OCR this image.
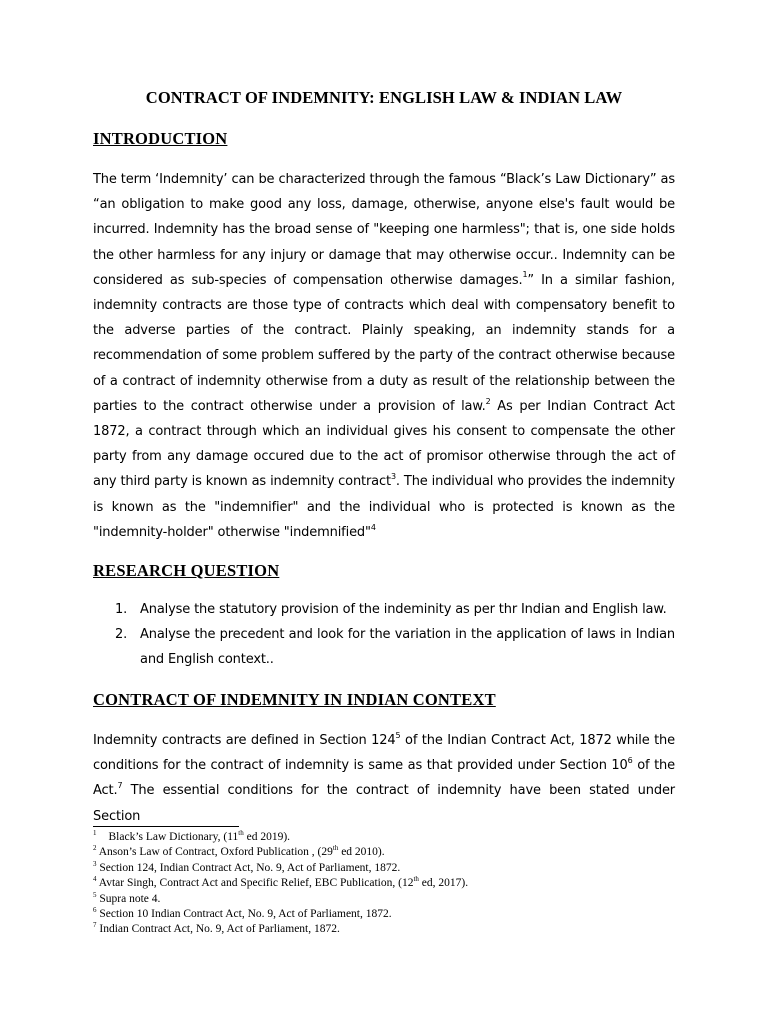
CONTRACT OF INDEMNITY: ENGLISH LAW & INDIAN LAW
INTRODUCTION

The term ‘Indemnity’ can be characterized through the famous “Black’s Law Dictionary” as “an obligation to make good any loss, damage, otherwise, anyone else's fault would be incurred. Indemnity has the broad sense of "keeping one harmless"; that is, one side holds the other harmless for any injury or damage that may otherwise occur.. Indemnity can be considered as sub-species of compensation otherwise damages.$^1$” In a similar fashion, indemnity contracts are those type of contracts which deal with compensatory benefit to the adverse parties of the contract. Plainly speaking, an indemnity stands for a recommendation of some problem suffered by the party of the contract otherwise because of a contract of indemnity otherwise from a duty as result of the relationship between the parties to the contract otherwise under a provision of law.$^2$ As per Indian Contract Act 1872, a contract through which an individual gives his consent to compensate the other party from any damage occured due to the act of promisor otherwise through the act of any third party is known as indemnity contract$^3$. The individual who provides the indemnity is known as the "indemnifier" and the individual who is protected is known as the "indemnity-holder" otherwise "indemnified"$^4$

RESEARCH QUESTION
1. Analyse the statutory provision of the indeminity as per thr Indian and English law.
2. Analyse the precedent and look for the variation in the application of laws in Indian and English context..
CONTRACT OF INDEMNITY IN INDIAN CONTEXT

Indemnity contracts are defined in Section $124^5$ of the Indian Contract Act, 1872 while the conditions for the contract of indemnity is same as that provided under Section $10^6$ of the Act.$^7$ The essential conditions for the contract of indemnity have been stated under Section

$^1$ Black’s Law Dictionary, (11th ed 2019).
$^2$ Anson’s Law of Contract, Oxford Publication , (29th ed 2010).
$^3$ Section 124, Indian Contract Act, No. 9, Act of Parliament, 1872.
$^4$ Avtar Singh, Contract Act and Specific Relief, EBC Publication, (12th ed, 2017).
$^5$ Supra note 4.
$^6$ Section 10 Indian Contract Act, No. 9, Act of Parliament, 1872.
$^7$ Indian Contract Act, No. 9, Act of Parliament, 1872.
